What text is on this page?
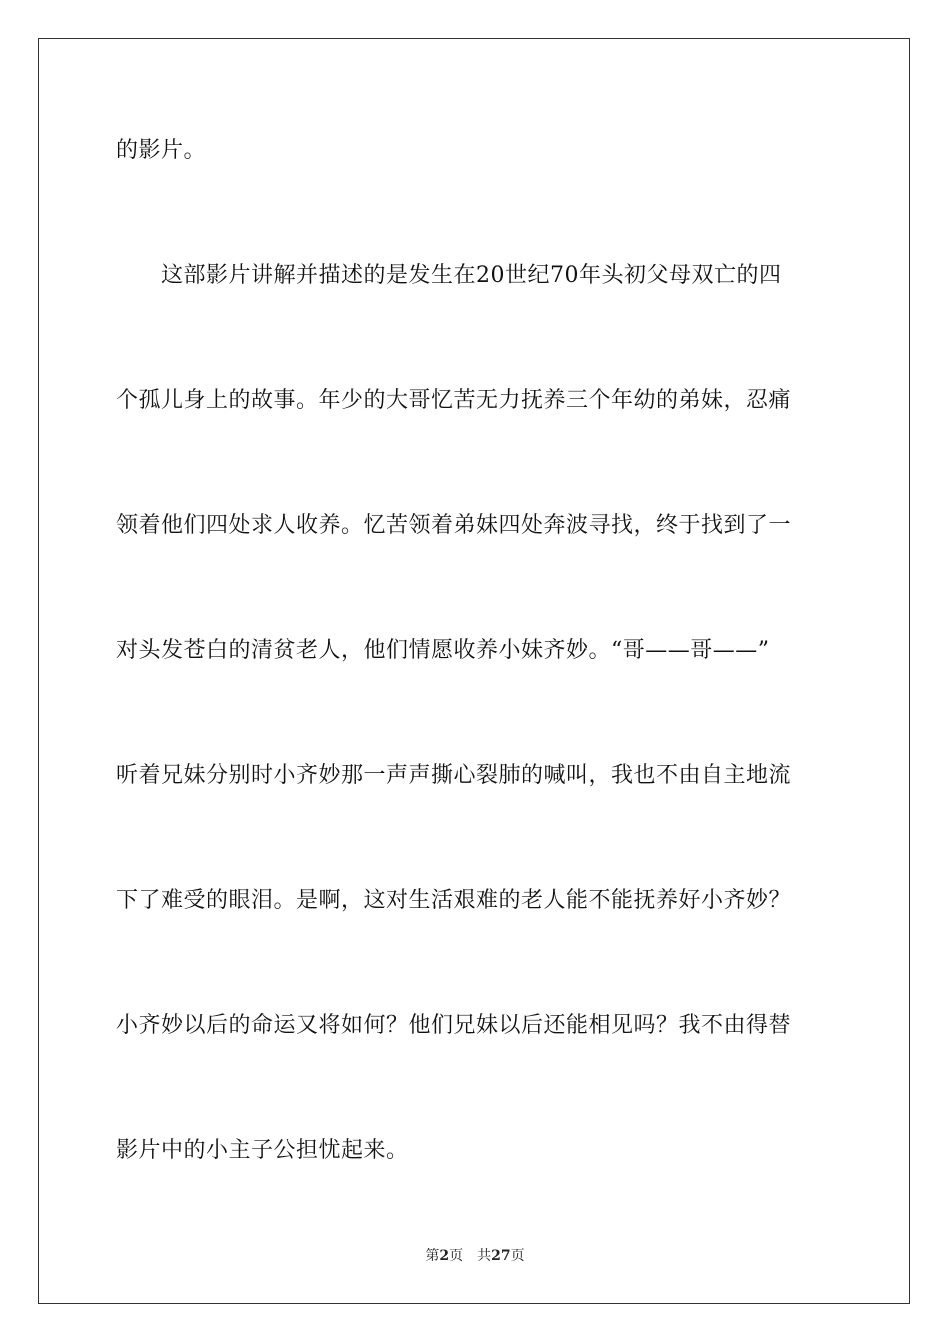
的影片。
这部影片讲解并描述的是发生在20世纪70年头初父母双亡的四
个孤儿身上的故事。年少的大哥忆苦无力抚养三个年幼的弟妹，忍痛
领着他们四处求人收养。忆苦领着弟妹四处奔波寻找，终于找到了一
对头发苍白的清贫老人，他们情愿收养小妹齐妙。“哥——哥——”
听着兄妹分别时小齐妙那一声声撕心裂肺的喊叫，我也不由自主地流
下了难受的眼泪。是啊，这对生活艰难的老人能不能抚养好小齐妙？
小齐妙以后的命运又将如何？他们兄妹以后还能相见吗？我不由得替
影片中的小主子公担忧起来。
第2页 共27页
